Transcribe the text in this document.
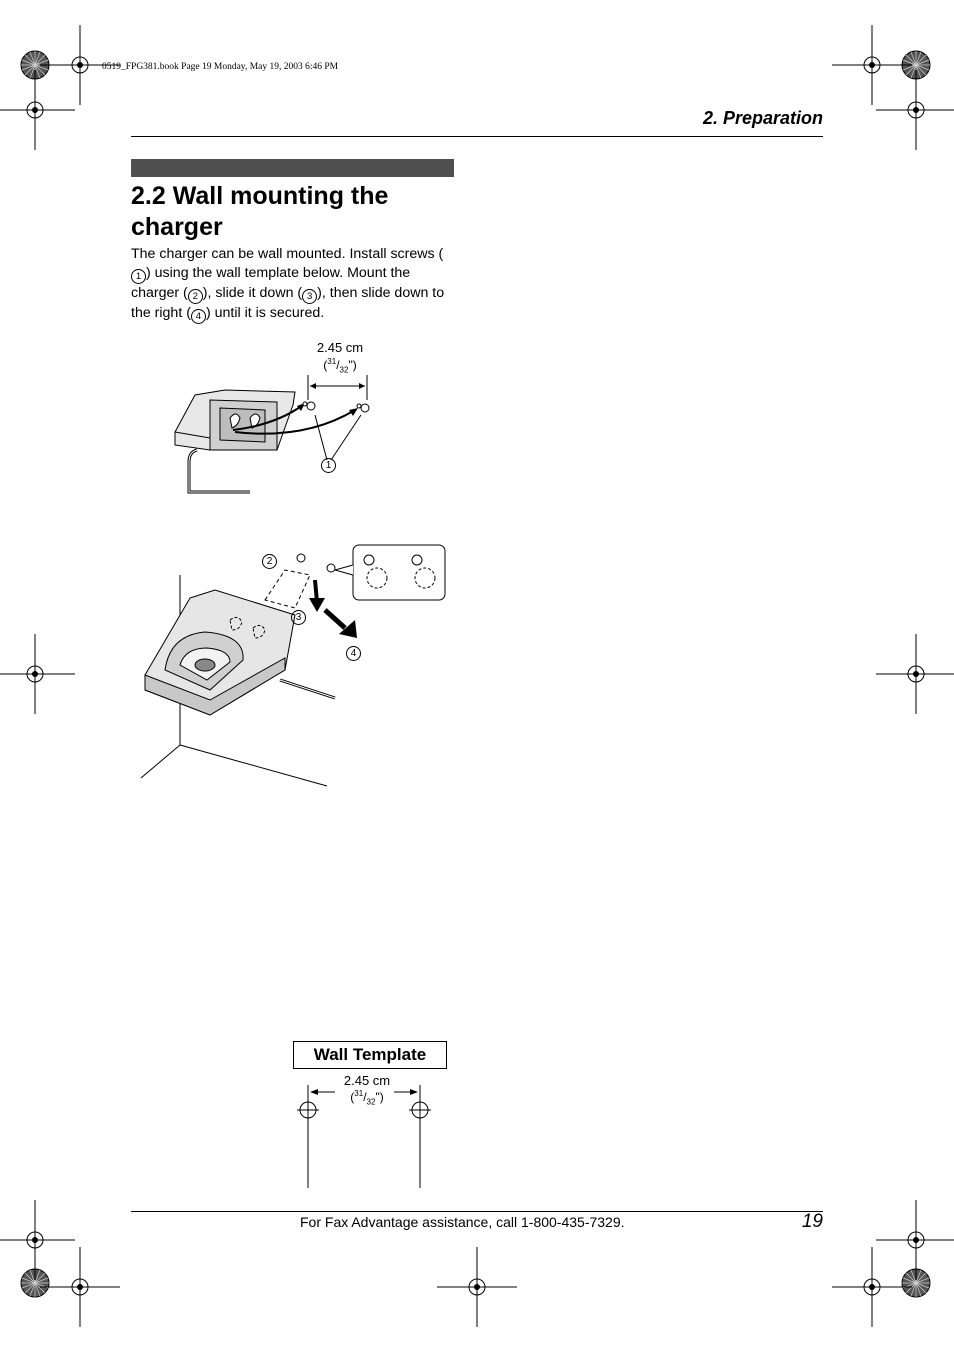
0519_FPG381.book Page 19 Monday, May 19, 2003 6:46 PM
2. Preparation
2.2 Wall mounting the charger
The charger can be wall mounted. Install screws (1 ) using the wall template below. Mount the charger ( 2 ), slide it down ( 3 ), then slide down to the right ( 4 ) until it is secured.
2.45 cm
$(^{31}/_{32}")$
1
2
3
4
Wall Template
2.45 cm
$(^{31}/_{32}")$
For Fax Advantage assistance, call 1-800-435-7329.	19
